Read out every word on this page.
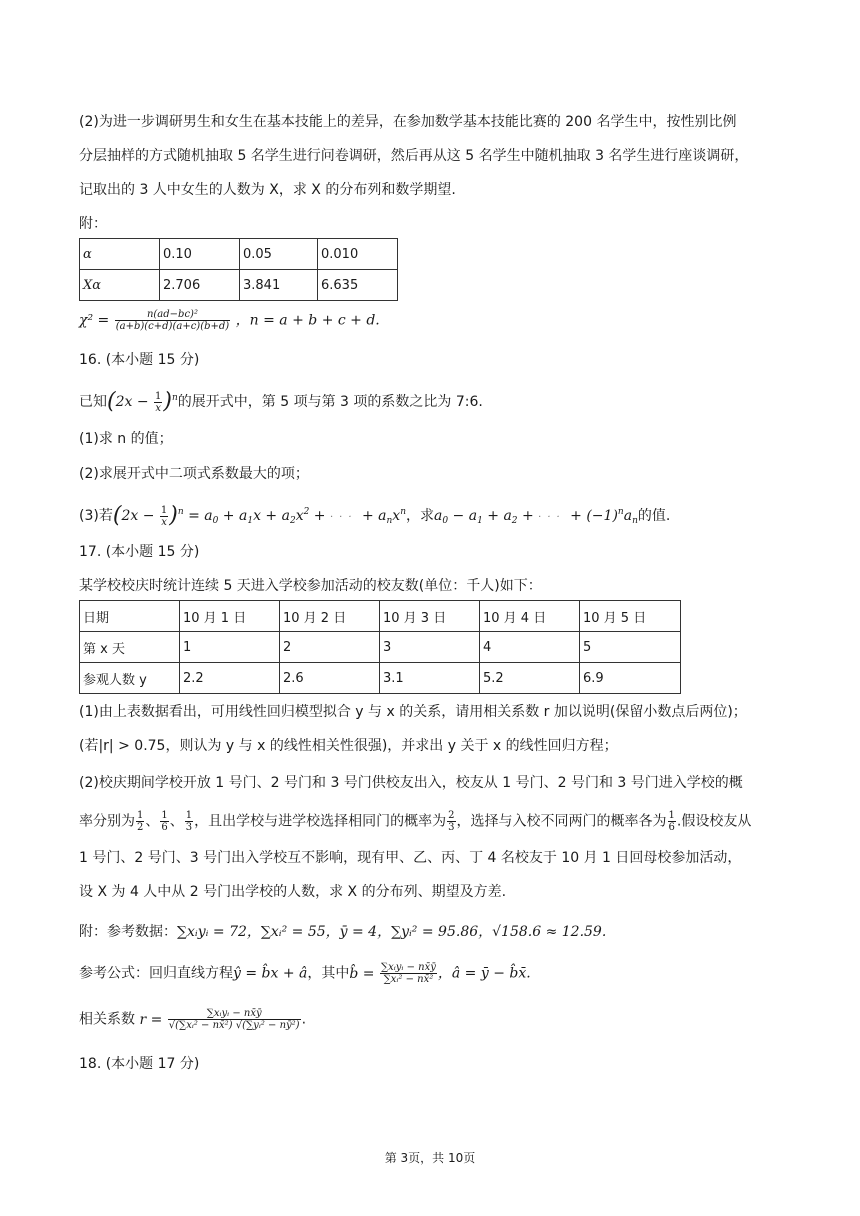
(2)为进一步调研男生和女生在基本技能上的差异，在参加数学基本技能比赛的 200 名学生中，按性别比例
分层抽样的方式随机抽取 5 名学生进行问卷调研，然后再从这 5 名学生中随机抽取 3 名学生进行座谈调研，
记取出的 3 人中女生的人数为 X，求 X 的分布列和数学期望.
附：
α	0.10	0.05	0.010
Xα	2.706	3.841	6.635
$\chi^2 = \frac{\text{n(ad−bc)²}}{(a+b)(c+d)(a+c)(b+d)}$ ，n = a + b + c + d.
16. (本小题 15 分)
已知$(2x - \frac{1}{x} )^n$的展开式中，第 5 项与第 3 项的系数之比为 7:6.
(1)求 n 的值；
(2)求展开式中二项式系数最大的项；
(3)若$(2x - \frac{1}{x} )^n = a_0 + a_1x + a_2x^2$ + ··· + $a_nx^n$，求$a_0 - a_1 + a_2$ + ··· + $(-1)^na_n$的值.
17. (本小题 15 分)
某学校校庆时统计连续 5 天进入学校参加活动的校友数(单位：千人)如下：
日期	10 月 1 日	10 月 2 日	10 月 3 日	10 月 4 日	10 月 5 日
第 x 天	1	2	3	4	5
参观人数 y	2.2	2.6	3.1	5.2	6.9
(1)由上表数据看出，可用线性回归模型拟合 y 与 x 的关系，请用相关系数 r 加以说明(保留小数点后两位)；
(若|r| > 0.75，则认为 y 与 x 的线性相关性很强)，并求出 y 关于 x 的线性回归方程；
(2)校庆期间学校开放 1 号门、2 号门和 3 号门供校友出入，校友从 1 号门、2 号门和 3 号门进入学校的概
率分别为 $\frac{1}{2}$ 、 $\frac{1}{6}$ 、 $\frac{1}{3}$ ，且出学校与进学校选择相同门的概率为 $\frac{2}{3}$ ，选择与入校不同两门的概率各为 $\frac{1}{6}$ .假设校友从
1 号门、2 号门、3 号门出入学校互不影响，现有甲、乙、丙、丁 4 名校友于 10 月 1 日回母校参加活动，
设 X 为 4 人中从 2 号门出学校的人数，求 X 的分布列、期望及方差.
附：参考数据：∑xᵢyᵢ = 72，∑xᵢ² = 55，ȳ = 4，∑yᵢ² = 95.86，√158.6 ≈ 12.59.
参考公式：回归直线方程ŷ = b̂x + â，其中b̂ = $\frac{\text{∑xᵢyᵢ − nx̄ȳ}}{\text{∑xᵢ² − nx̄²}}$ ，â = ȳ − b̂x̄.
相关系数 $r = \frac{\text{∑xᵢyᵢ − nx̄ȳ}}{\text{√(∑xᵢ² − nx̄²) √(∑yᵢ² − nȳ²)}}$ .
18. (本小题 17 分)
第 3页，共 10页
